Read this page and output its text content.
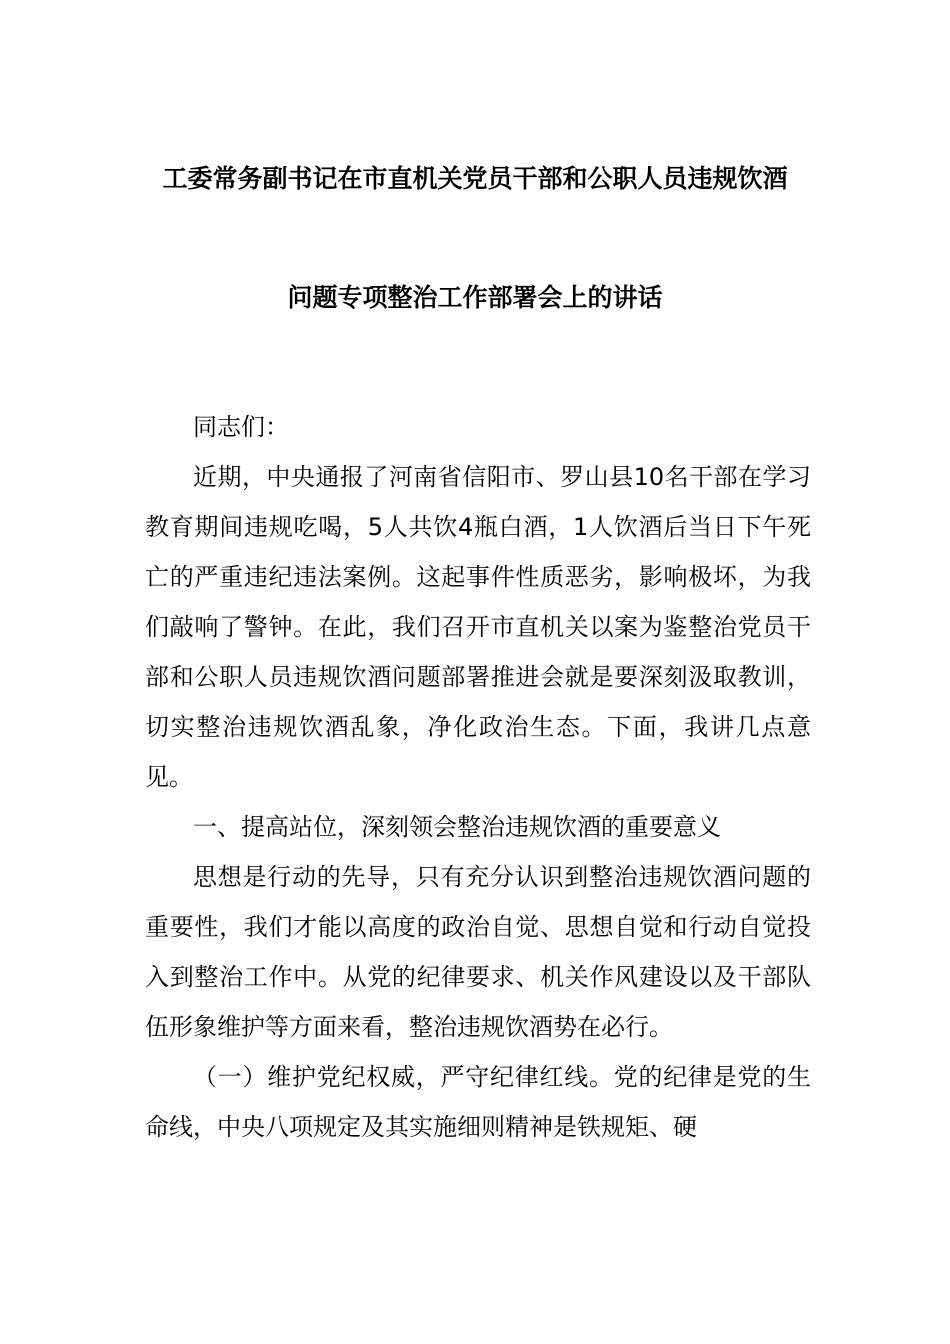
工委常务副书记在市直机关党员干部和公职人员违规饮酒
问题专项整治工作部署会上的讲话

同志们：

近期，中央通报了河南省信阳市、罗山县10名干部在学习教育期间违规吃喝，5人共饮4瓶白酒，1人饮酒后当日下午死亡的严重违纪违法案例。这起事件性质恶劣，影响极坏，为我们敲响了警钟。在此，我们召开市直机关以案为鉴整治党员干部和公职人员违规饮酒问题部署推进会就是要深刻汲取教训，切实整治违规饮酒乱象，净化政治生态。下面，我讲几点意见。

一、提高站位，深刻领会整治违规饮酒的重要意义

思想是行动的先导，只有充分认识到整治违规饮酒问题的重要性，我们才能以高度的政治自觉、思想自觉和行动自觉投入到整治工作中。从党的纪律要求、机关作风建设以及干部队伍形象维护等方面来看，整治违规饮酒势在必行。

（一）维护党纪权威，严守纪律红线。党的纪律是党的生命线，中央八项规定及其实施细则精神是铁规矩、硬
